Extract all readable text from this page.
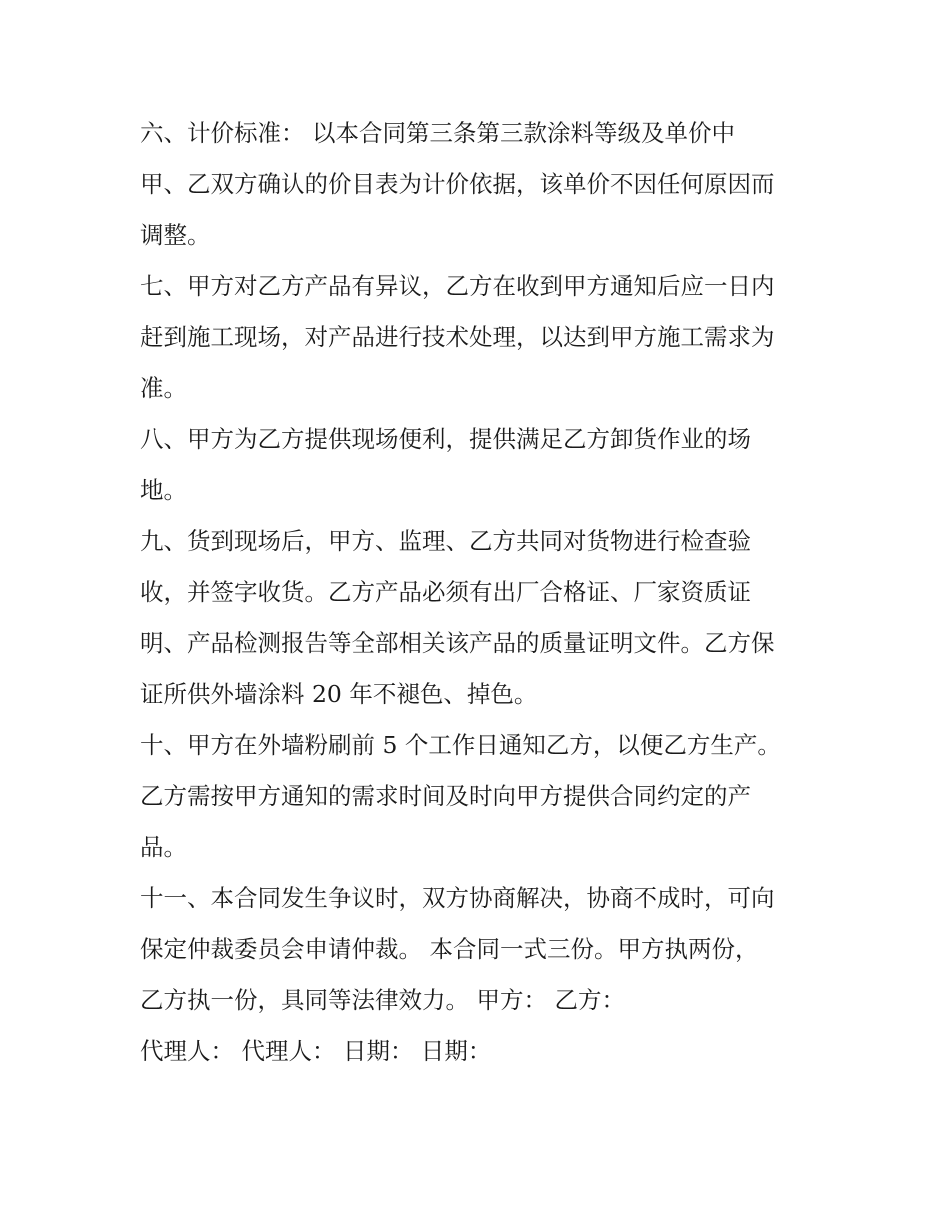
六、计价标准： 以本合同第三条第三款涂料等级及单价中

甲、乙双方确认的价目表为计价依据，该单价不因任何原因而

调整。

七、甲方对乙方产品有异议，乙方在收到甲方通知后应一日内

赶到施工现场，对产品进行技术处理，以达到甲方施工需求为

准。

八、甲方为乙方提供现场便利，提供满足乙方卸货作业的场

地。

九、货到现场后，甲方、监理、乙方共同对货物进行检查验

收，并签字收货。乙方产品必须有出厂合格证、厂家资质证

明、产品检测报告等全部相关该产品的质量证明文件。乙方保

证所供外墙涂料 20 年不褪色、掉色。

十、甲方在外墙粉刷前 5 个工作日通知乙方，以便乙方生产。

乙方需按甲方通知的需求时间及时向甲方提供合同约定的产

品。

十一、本合同发生争议时，双方协商解决，协商不成时，可向

保定仲裁委员会申请仲裁。 本合同一式三份。甲方执两份，

乙方执一份，具同等法律效力。 甲方： 乙方：

代理人： 代理人： 日期： 日期：
